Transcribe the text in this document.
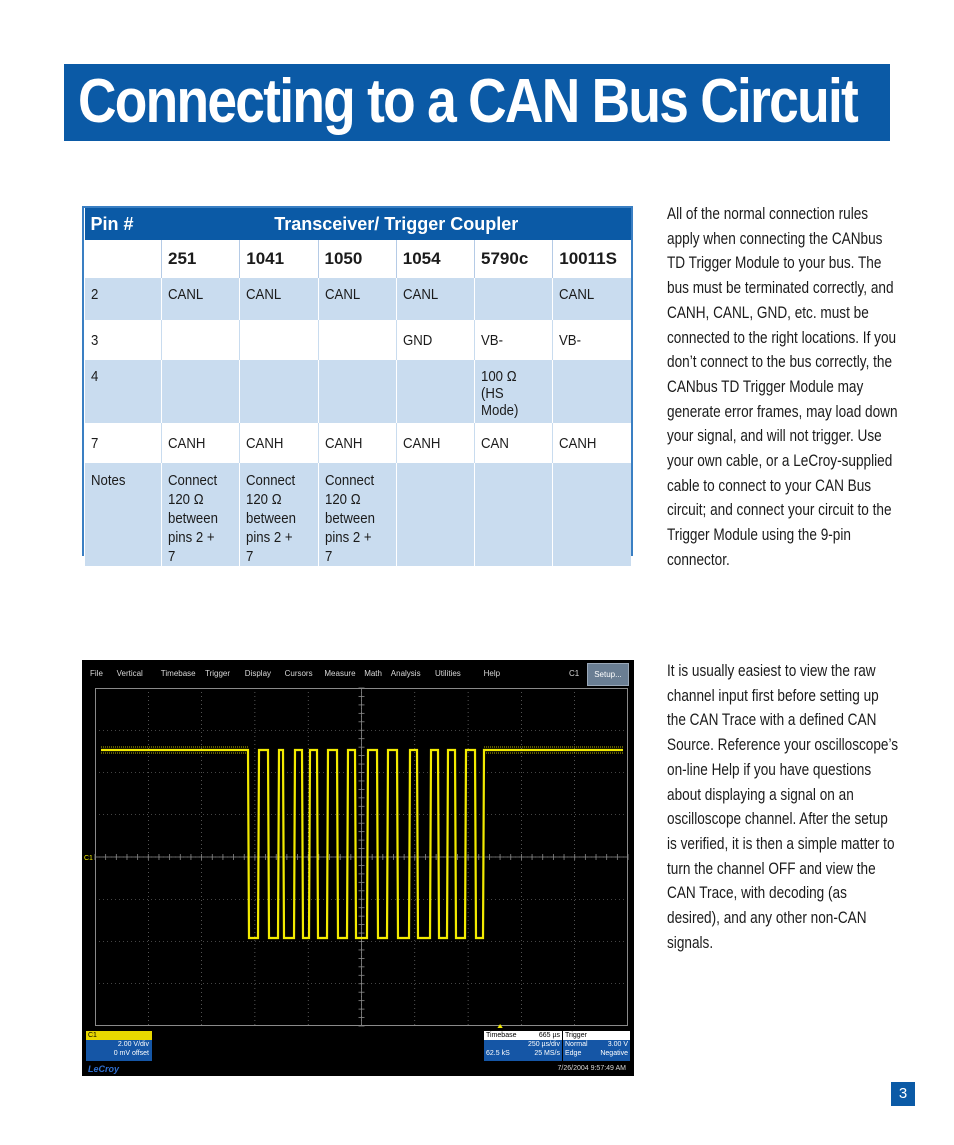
Connecting to a CAN Bus Circuit
Pin #	Transceiver/ Trigger Coupler					
	251	1041	1050	1054	5790c	10011S
2	CANL	CANL	CANL	CANL		CANL
3				GND	VB-	VB-
4					100 Ω
(HS Mode)	
7	CANH	CANH	CANH	CANH	CAN	CANH
Notes	Connect
120 Ω
between
pins 2 + 7	Connect
120 Ω
between
pins 2 + 7	Connect
120 Ω
between
pins 2 + 7			
All of the normal connection rules apply when connecting the CANbus TD Trigger Module to your bus. The bus must be terminated correctly, and CANH, CANL, GND, etc. must be connected to the right locations. If you don’t connect to the bus correctly, the CANbus TD Trigger Module may generate error frames, may load down your signal, and will not trigger. Use your own cable, or a LeCroy-supplied cable to connect to your CAN Bus circuit; and connect your circuit to the Trigger Module using the 9-pin connector.
It is usually easiest to view the raw channel input first before setting up the CAN Trace with a defined CAN Source. Reference your oscilloscope’s on-line Help if you have questions about displaying a signal on an oscilloscope channel. After the setup is verified, it is then a simple matter to turn the channel OFF and view the CAN Trace, with decoding (as desired), and any other non-CAN signals.
C1	Setup...
File Vertical Timebase Trigger Display Cursors Measure Math Analysis Utilities	Help
C1
C1
2.00 V/div
0 mV offset
Timebase	665 µs
250 µs/div
62.5 kS	25 MS/s
Trigger
Normal	3.00 V
Edge	Negative
LeCroy	7/26/2004 9:57:49 AM
3
